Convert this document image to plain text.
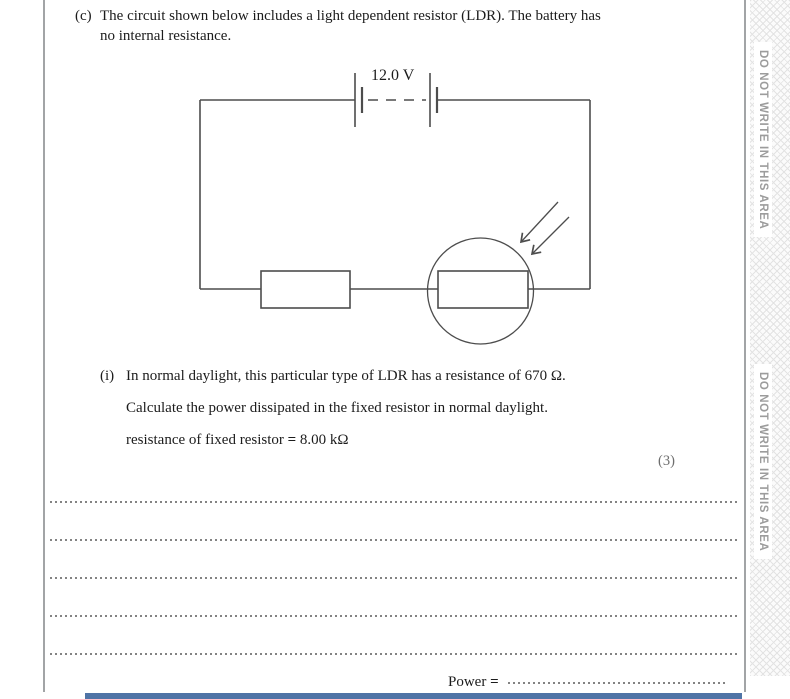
DO NOT WRITE IN THIS AREA
DO NOT WRITE IN THIS AREA
(c) The circuit shown below includes a light dependent resistor (LDR). The battery has
no internal resistance.
12.0 V
(i) In normal daylight, this particular type of LDR has a resistance of 670 Ω.
Calculate the power dissipated in the fixed resistor in normal daylight.
resistance of fixed resistor = 8.00 kΩ
(3)
Power =
